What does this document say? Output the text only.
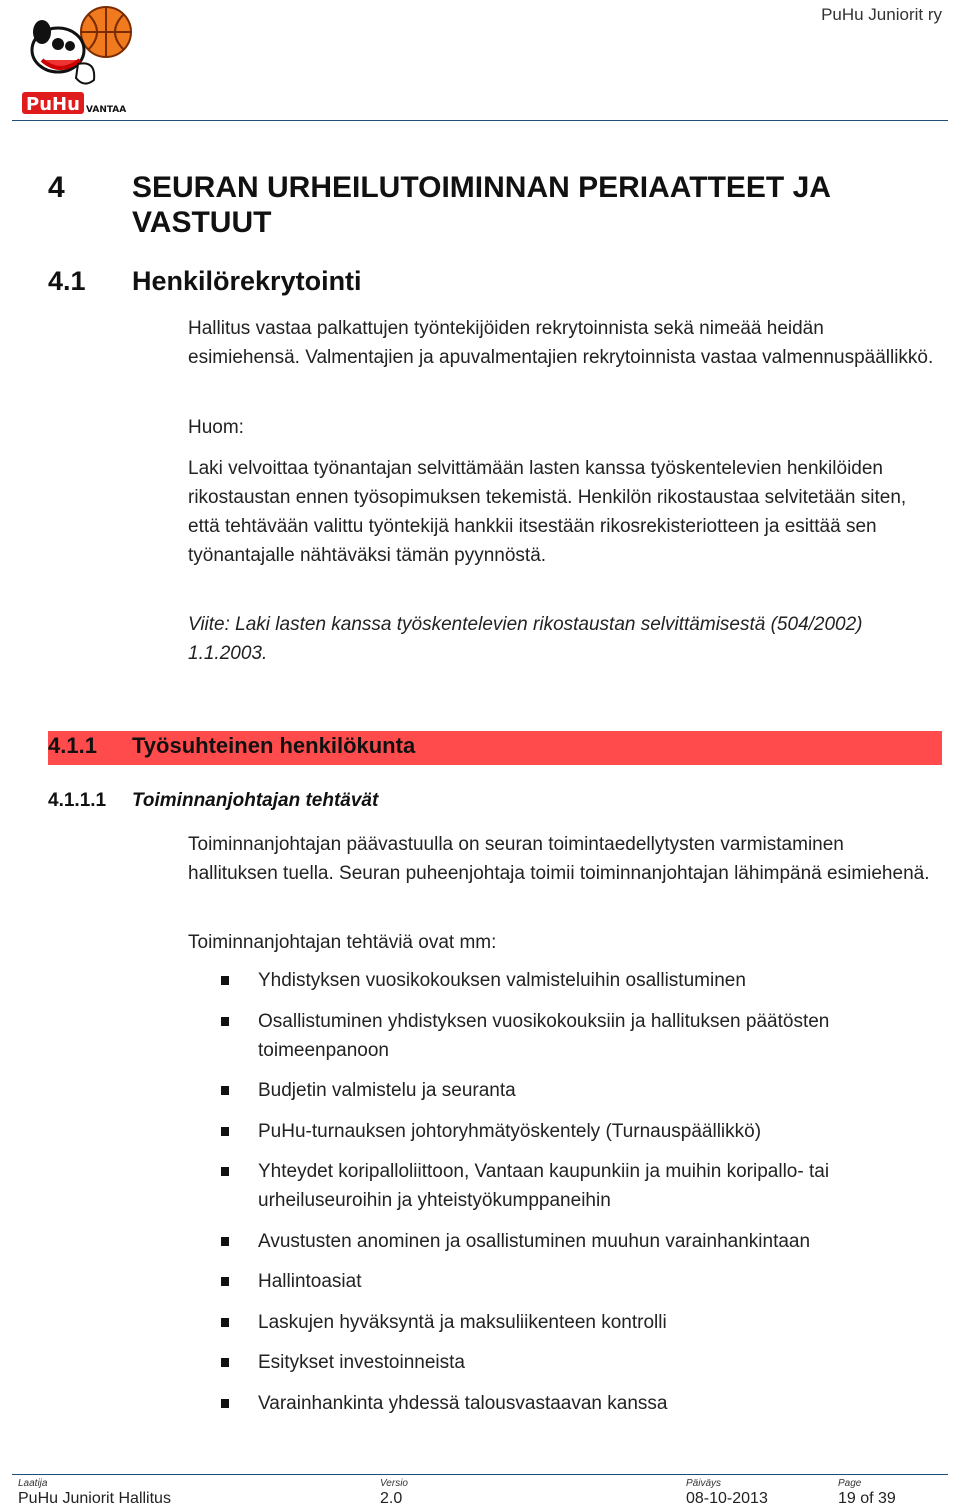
PuHu VANTAA
PuHu Juniorit ry
4 SEURAN URHEILUTOIMINNAN PERIAATTEET JA VASTUUT
4.1 Henkilörekrytointi
Hallitus vastaa palkattujen työntekijöiden rekrytoinnista sekä nimeää heidän esimiehensä. Valmentajien ja apuvalmentajien rekrytoinnista vastaa valmennuspäällikkö.
Huom:
Laki velvoittaa työnantajan selvittämään lasten kanssa työskentelevien henkilöiden rikostaustan ennen työsopimuksen tekemistä. Henkilön rikostaustaa selvitetään siten, että tehtävään valittu työntekijä hankkii itsestään rikosrekisteriotteen ja esittää sen työnantajalle nähtäväksi tämän pyynnöstä.
Viite: Laki lasten kanssa työskentelevien rikostaustan selvittämisestä (504/2002) 1.1.2003.
4.1.1 Työsuhteinen henkilökunta
4.1.1.1 Toiminnanjohtajan tehtävät
Toiminnanjohtajan päävastuulla on seuran toimintaedellytysten varmistaminen hallituksen tuella. Seuran puheenjohtaja toimii toiminnanjohtajan lähimpänä esimiehenä.
Toiminnanjohtajan tehtäviä ovat mm:
Yhdistyksen vuosikokouksen valmisteluihin osallistuminen
Osallistuminen yhdistyksen vuosikokouksiin ja hallituksen päätösten toimeenpanoon
Budjetin valmistelu ja seuranta
PuHu-turnauksen johtoryhmätyöskentely (Turnauspäällikkö)
Yhteydet koripalloliittoon, Vantaan kaupunkiin ja muihin koripallo- tai urheiluseuroihin ja yhteistyökumppaneihin
Avustusten anominen ja osallistuminen muuhun varainhankintaan
Hallintoasiat
Laskujen hyväksyntä ja maksuliikenteen kontrolli
Esitykset investoinneista
Varainhankinta yhdessä talousvastaavan kanssa
Laatija	Versio	Päiväys	Page
PuHu Juniorit Hallitus	2.0	08-10-2013	19 of 39
